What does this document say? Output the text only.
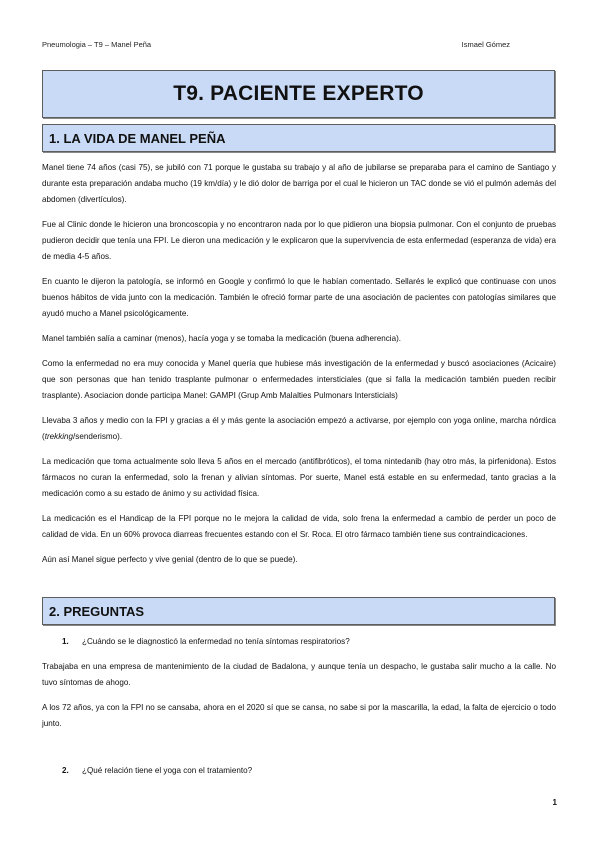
Pneumologia – T9 – Manel Peña	Ismael Gómez
T9. PACIENTE EXPERTO
1. LA VIDA DE MANEL PEÑA

Manel tiene 74 años (casi 75), se jubiló con 71 porque le gustaba su trabajo y al año de jubilarse se preparaba para el camino de Santiago y durante esta preparación andaba mucho (19 km/día) y le dió dolor de barriga por el cual le hicieron un TAC donde se vió el pulmón además del abdomen (divertículos).

Fue al Clinic donde le hicieron una broncoscopia y no encontraron nada por lo que pidieron una biopsia pulmonar. Con el conjunto de pruebas pudieron decidir que tenía una FPI. Le dieron una medicación y le explicaron que la supervivencia de esta enfermedad (esperanza de vida) era de media 4-5 años.

En cuanto le dijeron la patología, se informó en Google y confirmó lo que le habían comentado. Sellarés le explicó que continuase con unos buenos hábitos de vida junto con la medicación. También le ofreció formar parte de una asociación de pacientes con patologías similares que ayudó mucho a Manel psicológicamente.

Manel también salía a caminar (menos), hacía yoga y se tomaba la medicación (buena adherencia).

Como la enfermedad no era muy conocida y Manel quería que hubiese más investigación de la enfermedad y buscó asociaciones (Acicaire) que son personas que han tenido trasplante pulmonar o enfermedades intersticiales (que si falla la medicación también pueden recibir trasplante). Asociacion donde participa Manel: GAMPI (Grup Amb Malalties Pulmonars Intersticials)

Llevaba 3 años y medio con la FPI y gracias a él y más gente la asociación empezó a activarse, por ejemplo con yoga online, marcha nórdica (trekking/senderismo).

La medicación que toma actualmente solo lleva 5 años en el mercado (antifibróticos), el toma nintedanib (hay otro más, la pirfenidona). Estos fármacos no curan la enfermedad, solo la frenan y alivian síntomas. Por suerte, Manel está estable en su enfermedad, tanto gracias a la medicación como a su estado de ánimo y su actividad física.

La medicación es el Handicap de la FPI porque no le mejora la calidad de vida, solo frena la enfermedad a cambio de perder un poco de calidad de vida. En un 60% provoca diarreas frecuentes estando con el Sr. Roca. El otro fármaco también tiene sus contraindicaciones.

Aún así Manel sigue perfecto y vive genial (dentro de lo que se puede).

2. PREGUNTAS
1.	¿Cuándo se le diagnosticó la enfermedad no tenía síntomas respiratorios?

Trabajaba en una empresa de mantenimiento de la ciudad de Badalona, y aunque tenía un despacho, le gustaba salir mucho a la calle. No tuvo síntomas de ahogo.

A los 72 años, ya con la FPI no se cansaba, ahora en el 2020 sí que se cansa, no sabe si por la mascarilla, la edad, la falta de ejercicio o todo junto.

2.	¿Qué relación tiene el yoga con el tratamiento?
1
